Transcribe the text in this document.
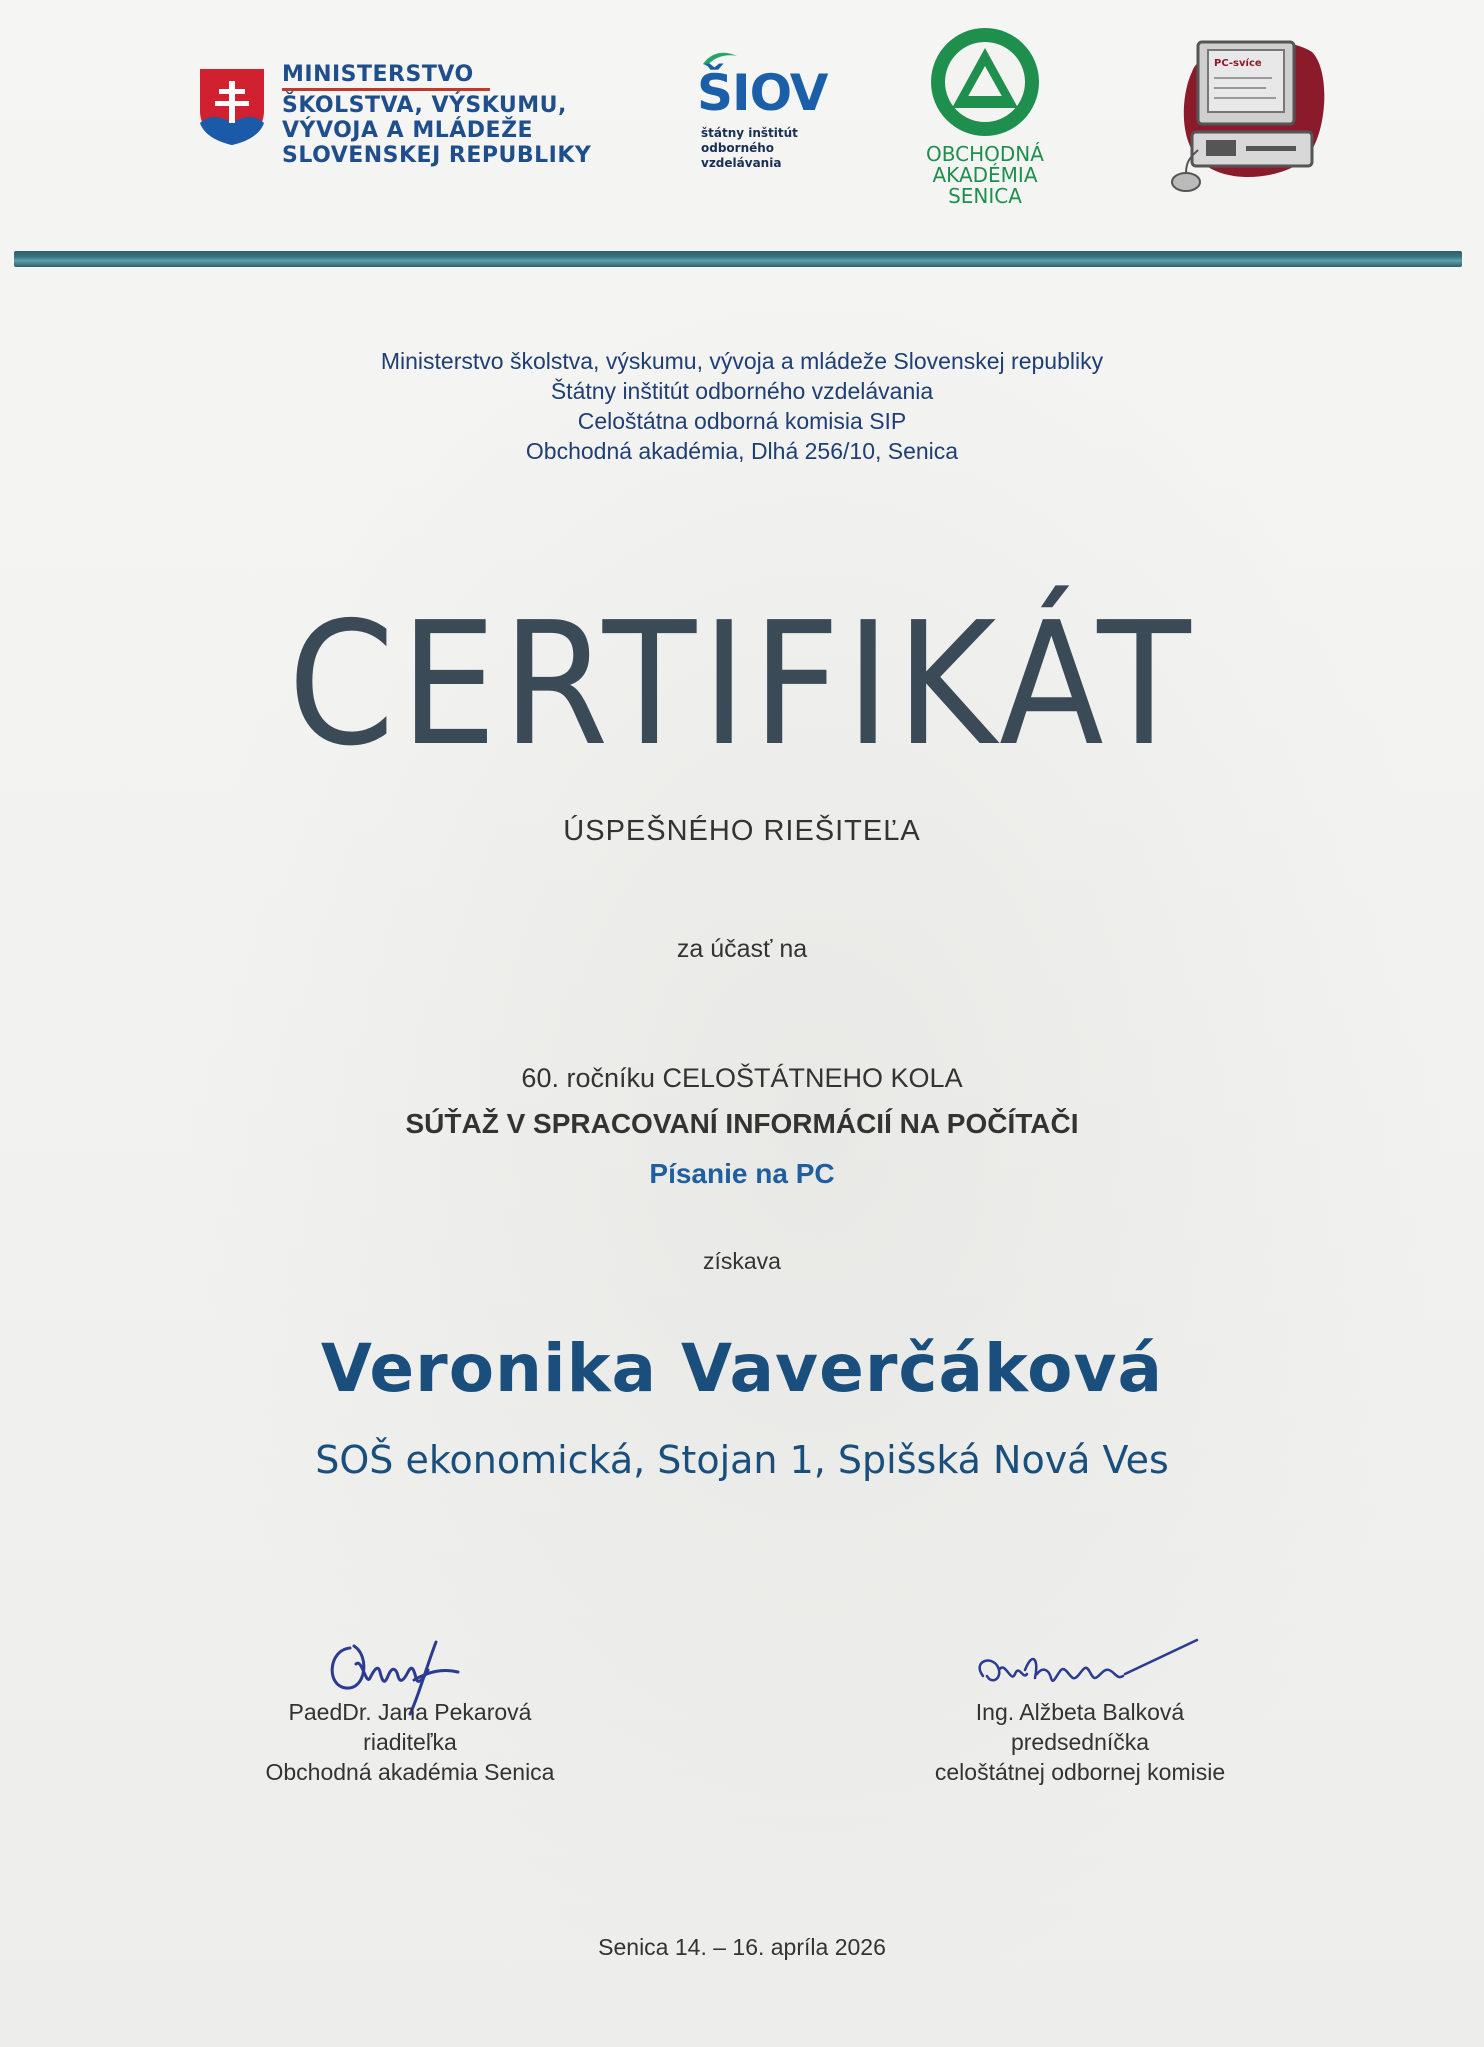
MINISTERSTVO
ŠKOLSTVA, VÝSKUMU,
VÝVOJA A MLÁDEŽE
SLOVENSKEJ REPUBLIKY
ŠIOV
štátny inštitút
odborného
vzdelávania	OBCHODNÁ
AKADÉMIA
SENICA
PC-svíce
Ministerstvo školstva, výskumu, vývoja a mládeže Slovenskej republiky
Štátny inštitút odborného vzdelávania
Celoštátna odborná komisia SIP
Obchodná akadémia, Dlhá 256/10, Senica
CERTIFIKÁT
ÚSPEŠNÉHO RIEŠITEĽA
za účasť na
60. ročníku CELOŠTÁTNEHO KOLA
SÚŤAŽ V SPRACOVANÍ INFORMÁCIÍ NA POČÍTAČI
Písanie na PC
získava
Veronika Vaverčáková
SOŠ ekonomická, Stojan 1, Spišská Nová Ves
PaedDr. Jana Pekarová
riaditeľka
Obchodná akadémia Senica
Ing. Alžbeta Balková
predsedníčka
celoštátnej odbornej komisie
Senica 14. – 16. apríla 2026
